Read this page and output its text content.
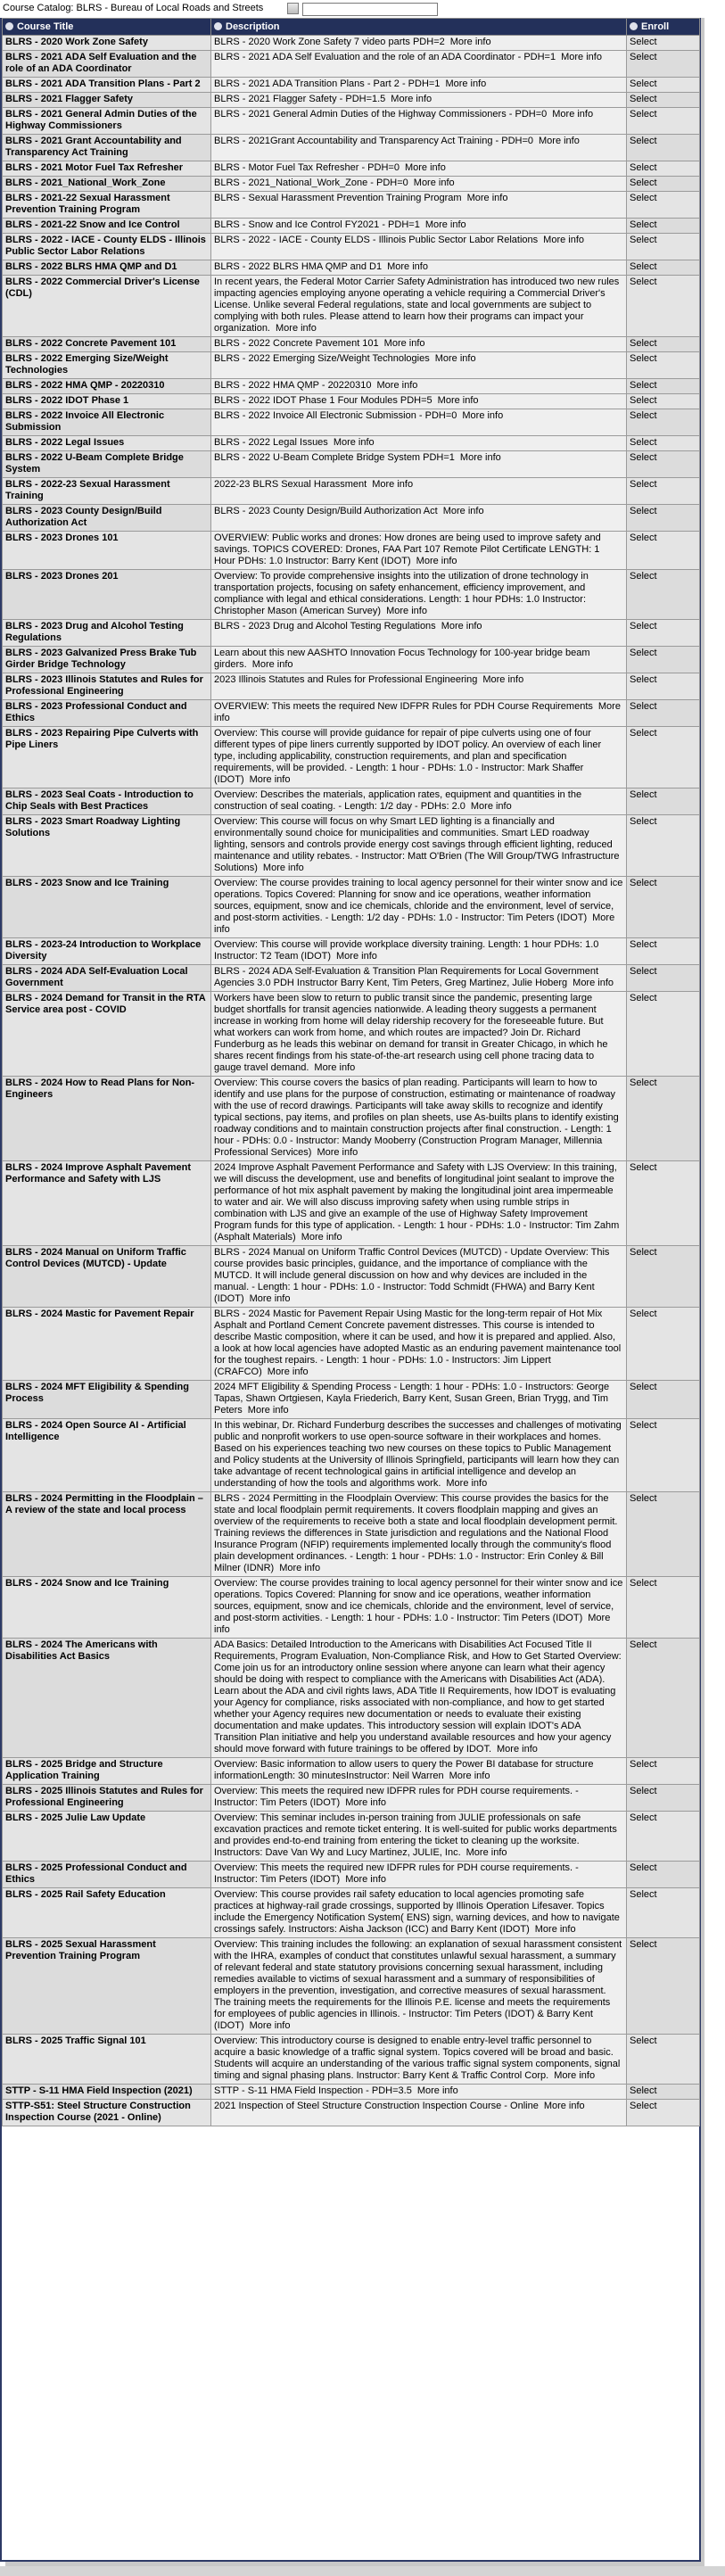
Course Catalog: BLRS - Bureau of Local Roads and Streets
Course Title	Description	Enroll
BLRS - 2020 Work Zone Safety	BLRS - 2020 Work Zone Safety 7 video parts PDH=2 More info	Select
BLRS - 2021 ADA Self Evaluation and the role of an ADA Coordinator	BLRS - 2021 ADA Self Evaluation and the role of an ADA Coordinator - PDH=1 More info	Select
BLRS - 2021 ADA Transition Plans - Part 2	BLRS - 2021 ADA Transition Plans - Part 2 - PDH=1 More info	Select
BLRS - 2021 Flagger Safety	BLRS - 2021 Flagger Safety - PDH=1.5 More info	Select
BLRS - 2021 General Admin Duties of the Highway Commissioners	BLRS - 2021 General Admin Duties of the Highway Commissioners - PDH=0 More info	Select
BLRS - 2021 Grant Accountability and Transparency Act Training	BLRS - 2021Grant Accountability and Transparency Act Training - PDH=0 More info	Select
BLRS - 2021 Motor Fuel Tax Refresher	BLRS - Motor Fuel Tax Refresher - PDH=0 More info	Select
BLRS - 2021_National_Work_Zone	BLRS - 2021_National_Work_Zone - PDH=0 More info	Select
BLRS - 2021-22 Sexual Harassment Prevention Training Program	BLRS - Sexual Harassment Prevention Training Program More info	Select
BLRS - 2021-22 Snow and Ice Control	BLRS - Snow and Ice Control FY2021 - PDH=1 More info	Select
BLRS - 2022 - IACE - County ELDS - Illinois Public Sector Labor Relations	BLRS - 2022 - IACE - County ELDS - Illinois Public Sector Labor Relations More info	Select
BLRS - 2022 BLRS HMA QMP and D1	BLRS - 2022 BLRS HMA QMP and D1 More info	Select
BLRS - 2022 Commercial Driver's License (CDL)	In recent years, the Federal Motor Carrier Safety Administration has introduced two new rules impacting agencies employing anyone operating a vehicle requiring a Commercial Driver's License. Unlike several Federal regulations, state and local governments are subject to complying with both rules. Please attend to learn how their programs can impact your organization. More info	Select
BLRS - 2022 Concrete Pavement 101	BLRS - 2022 Concrete Pavement 101 More info	Select
BLRS - 2022 Emerging Size/Weight Technologies	BLRS - 2022 Emerging Size/Weight Technologies More info	Select
BLRS - 2022 HMA QMP - 20220310	BLRS - 2022 HMA QMP - 20220310 More info	Select
BLRS - 2022 IDOT Phase 1	BLRS - 2022 IDOT Phase 1 Four Modules PDH=5 More info	Select
BLRS - 2022 Invoice All Electronic Submission	BLRS - 2022 Invoice All Electronic Submission - PDH=0 More info	Select
BLRS - 2022 Legal Issues	BLRS - 2022 Legal Issues More info	Select
BLRS - 2022 U-Beam Complete Bridge System	BLRS - 2022 U-Beam Complete Bridge System PDH=1 More info	Select
BLRS - 2022-23 Sexual Harassment Training	2022-23 BLRS Sexual Harassment More info	Select
BLRS - 2023 County Design/Build Authorization Act	BLRS - 2023 County Design/Build Authorization Act More info	Select
BLRS - 2023 Drones 101	OVERVIEW: Public works and drones: How drones are being used to improve safety and savings. TOPICS COVERED: Drones, FAA Part 107 Remote Pilot Certificate LENGTH: 1 Hour PDHs: 1.0 Instructor: Barry Kent (IDOT) More info	Select
BLRS - 2023 Drones 201	Overview: To provide comprehensive insights into the utilization of drone technology in transportation projects, focusing on safety enhancement, efficiency improvement, and compliance with legal and ethical considerations. Length: 1 hour PDHs: 1.0 Instructor: Christopher Mason (American Survey) More info	Select
BLRS - 2023 Drug and Alcohol Testing Regulations	BLRS - 2023 Drug and Alcohol Testing Regulations More info	Select
BLRS - 2023 Galvanized Press Brake Tub Girder Bridge Technology	Learn about this new AASHTO Innovation Focus Technology for 100-year bridge beam girders. More info	Select
BLRS - 2023 Illinois Statutes and Rules for Professional Engineering	2023 Illinois Statutes and Rules for Professional Engineering More info	Select
BLRS - 2023 Professional Conduct and Ethics	OVERVIEW: This meets the required New IDFPR Rules for PDH Course Requirements More info	Select
BLRS - 2023 Repairing Pipe Culverts with Pipe Liners	Overview: This course will provide guidance for repair of pipe culverts using one of four different types of pipe liners currently supported by IDOT policy. An overview of each liner type, including applicability, construction requirements, and plan and specification requirements, will be provided. - Length: 1 hour - PDHs: 1.0 - Instructor: Mark Shaffer (IDOT) More info	Select
BLRS - 2023 Seal Coats - Introduction to Chip Seals with Best Practices	Overview: Describes the materials, application rates, equipment and quantities in the construction of seal coating. - Length: 1/2 day - PDHs: 2.0 More info	Select
BLRS - 2023 Smart Roadway Lighting Solutions	Overview: This course will focus on why Smart LED lighting is a financially and environmentally sound choice for municipalities and communities. Smart LED roadway lighting, sensors and controls provide energy cost savings through efficient lighting, reduced maintenance and utility rebates. - Instructor: Matt O'Brien (The Will Group/TWG Infrastructure Solutions) More info	Select
BLRS - 2023 Snow and Ice Training	Overview: The course provides training to local agency personnel for their winter snow and ice operations. Topics Covered: Planning for snow and ice operations, weather information sources, equipment, snow and ice chemicals, chloride and the environment, level of service, and post-storm activities. - Length: 1/2 day - PDHs: 1.0 - Instructor: Tim Peters (IDOT) More info	Select
BLRS - 2023-24 Introduction to Workplace Diversity	Overview: This course will provide workplace diversity training. Length: 1 hour PDHs: 1.0 Instructor: T2 Team (IDOT) More info	Select
BLRS - 2024 ADA Self-Evaluation Local Government	BLRS - 2024 ADA Self-Evaluation & Transition Plan Requirements for Local Government Agencies 3.0 PDH Instructor Barry Kent, Tim Peters, Greg Martinez, Julie Hoberg More info	Select
BLRS - 2024 Demand for Transit in the RTA Service area post - COVID	Workers have been slow to return to public transit since the pandemic, presenting large budget shortfalls for transit agencies nationwide. A leading theory suggests a permanent increase in working from home will delay ridership recovery for the foreseeable future. But what workers can work from home, and which routes are impacted? Join Dr. Richard Funderburg as he leads this webinar on demand for transit in Greater Chicago, in which he shares recent findings from his state-of-the-art research using cell phone tracing data to gauge travel demand. More info	Select
BLRS - 2024 How to Read Plans for Non-Engineers	Overview: This course covers the basics of plan reading. Participants will learn to how to identify and use plans for the purpose of construction, estimating or maintenance of roadway with the use of record drawings. Participants will take away skills to recognize and identify typical sections, pay items, and profiles on plan sheets, use As-builts plans to identify existing roadway conditions and to maintain construction projects after final construction. - Length: 1 hour - PDHs: 0.0 - Instructor: Mandy Mooberry (Construction Program Manager, Millennia Professional Services) More info	Select
BLRS - 2024 Improve Asphalt Pavement Performance and Safety with LJS	2024 Improve Asphalt Pavement Performance and Safety with LJS Overview: In this training, we will discuss the development, use and benefits of longitudinal joint sealant to improve the performance of hot mix asphalt pavement by making the longitudinal joint area impermeable to water and air. We will also discuss improving safety when using rumble strips in combination with LJS and give an example of the use of Highway Safety Improvement Program funds for this type of application. - Length: 1 hour - PDHs: 1.0 - Instructor: Tim Zahm (Asphalt Materials) More info	Select
BLRS - 2024 Manual on Uniform Traffic Control Devices (MUTCD) - Update	BLRS - 2024 Manual on Uniform Traffic Control Devices (MUTCD) - Update Overview: This course provides basic principles, guidance, and the importance of compliance with the MUTCD. It will include general discussion on how and why devices are included in the manual. - Length: 1 hour - PDHs: 1.0 - Instructor: Todd Schmidt (FHWA) and Barry Kent (IDOT) More info	Select
BLRS - 2024 Mastic for Pavement Repair	BLRS - 2024 Mastic for Pavement Repair Using Mastic for the long-term repair of Hot Mix Asphalt and Portland Cement Concrete pavement distresses. This course is intended to describe Mastic composition, where it can be used, and how it is prepared and applied. Also, a look at how local agencies have adopted Mastic as an enduring pavement maintenance tool for the toughest repairs. - Length: 1 hour - PDHs: 1.0 - Instructors: Jim Lippert (CRAFCO) More info	Select
BLRS - 2024 MFT Eligibility & Spending Process	2024 MFT Eligibility & Spending Process - Length: 1 hour - PDHs: 1.0 - Instructors: George Tapas, Shawn Ortgiesen, Kayla Friederich, Barry Kent, Susan Green, Brian Trygg, and Tim Peters More info	Select
BLRS - 2024 Open Source AI - Artificial Intelligence	In this webinar, Dr. Richard Funderburg describes the successes and challenges of motivating public and nonprofit workers to use open-source software in their workplaces and homes. Based on his experiences teaching two new courses on these topics to Public Management and Policy students at the University of Illinois Springfield, participants will learn how they can take advantage of recent technological gains in artificial intelligence and develop an understanding of how the tools and algorithms work. More info	Select
BLRS - 2024 Permitting in the Floodplain – A review of the state and local process	BLRS - 2024 Permitting in the Floodplain Overview: This course provides the basics for the state and local floodplain permit requirements. It covers floodplain mapping and gives an overview of the requirements to receive both a state and local floodplain development permit. Training reviews the differences in State jurisdiction and regulations and the National Flood Insurance Program (NFIP) requirements implemented locally through the community's flood plain development ordinances. - Length: 1 hour - PDHs: 1.0 - Instructor: Erin Conley & Bill Milner (IDNR) More info	Select
BLRS - 2024 Snow and Ice Training	Overview: The course provides training to local agency personnel for their winter snow and ice operations. Topics Covered: Planning for snow and ice operations, weather information sources, equipment, snow and ice chemicals, chloride and the environment, level of service, and post-storm activities. - Length: 1 hour - PDHs: 1.0 - Instructor: Tim Peters (IDOT) More info	Select
BLRS - 2024 The Americans with Disabilities Act Basics	ADA Basics: Detailed Introduction to the Americans with Disabilities Act Focused Title II Requirements, Program Evaluation, Non-Compliance Risk, and How to Get Started Overview: Come join us for an introductory online session where anyone can learn what their agency should be doing with respect to compliance with the Americans with Disabilities Act (ADA). Learn about the ADA and civil rights laws, ADA Title II Requirements, how IDOT is evaluating your Agency for compliance, risks associated with non-compliance, and how to get started whether your Agency requires new documentation or needs to evaluate their existing documentation and make updates. This introductory session will explain IDOT's ADA Transition Plan initiative and help you understand available resources and how your agency should move forward with future trainings to be offered by IDOT. More info	Select
BLRS - 2025 Bridge and Structure Application Training	Overview: Basic information to allow users to query the Power BI database for structure informationLength: 30 minutesInstructor: Neil Warren More info	Select
BLRS - 2025 Illinois Statutes and Rules for Professional Engineering	Overview: This meets the required new IDFPR rules for PDH course requirements. - Instructor: Tim Peters (IDOT) More info	Select
BLRS - 2025 Julie Law Update	Overview: This seminar includes in-person training from JULIE professionals on safe excavation practices and remote ticket entering. It is well-suited for public works departments and provides end-to-end training from entering the ticket to cleaning up the worksite. Instructors: Dave Van Wy and Lucy Martinez, JULIE, Inc. More info	Select
BLRS - 2025 Professional Conduct and Ethics	Overview: This meets the required new IDFPR rules for PDH course requirements. - Instructor: Tim Peters (IDOT) More info	Select
BLRS - 2025 Rail Safety Education	Overview: This course provides rail safety education to local agencies promoting safe practices at highway-rail grade crossings, supported by Illinois Operation Lifesaver. Topics include the Emergency Notification System( ENS) sign, warning devices, and how to navigate crossings safely. Instructors: Aisha Jackson (ICC) and Barry Kent (IDOT) More info	Select
BLRS - 2025 Sexual Harassment Prevention Training Program	Overview: This training includes the following: an explanation of sexual harassment consistent with the IHRA, examples of conduct that constitutes unlawful sexual harassment, a summary of relevant federal and state statutory provisions concerning sexual harassment, including remedies available to victims of sexual harassment and a summary of responsibilities of employers in the prevention, investigation, and corrective measures of sexual harassment. The training meets the requirements for the Illinois P.E. license and meets the requirements for employees of public agencies in Illinois. - Instructor: Tim Peters (IDOT) & Barry Kent (IDOT) More info	Select
BLRS - 2025 Traffic Signal 101	Overview: This introductory course is designed to enable entry-level traffic personnel to acquire a basic knowledge of a traffic signal system. Topics covered will be broad and basic. Students will acquire an understanding of the various traffic signal system components, signal timing and signal phasing plans. Instructor: Barry Kent & Traffic Control Corp. More info	Select
STTP - S-11 HMA Field Inspection (2021)	STTP - S-11 HMA Field Inspection - PDH=3.5 More info	Select
STTP-S51: Steel Structure Construction Inspection Course (2021 - Online)	2021 Inspection of Steel Structure Construction Inspection Course - Online More info	Select
